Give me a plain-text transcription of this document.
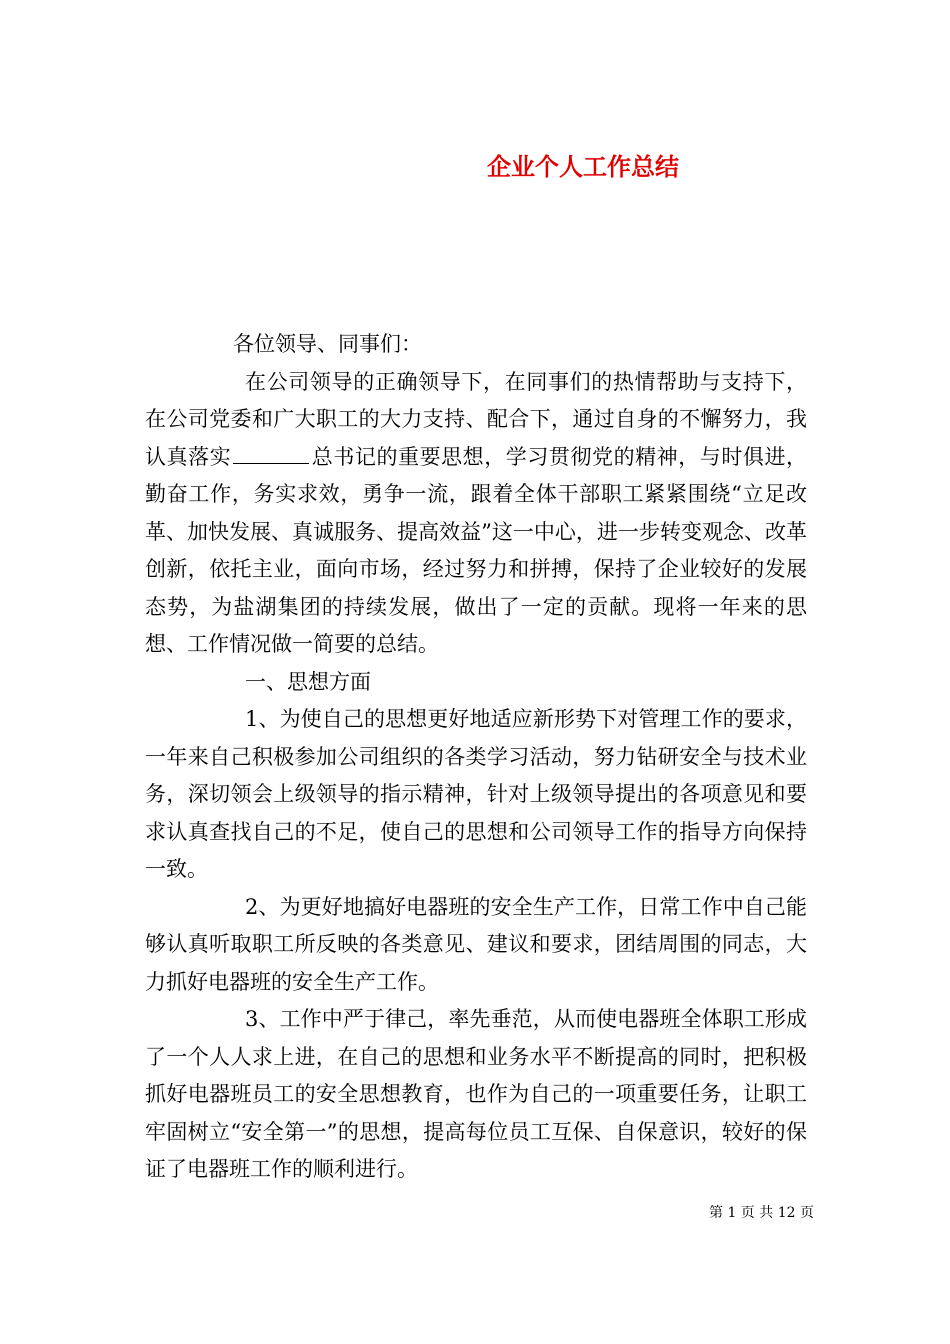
企业个人工作总结

各位领导、同事们：

在公司领导的正确领导下，在同事们的热情帮助与支持下，在公司党委和广大职工的大力支持、配合下，通过自身的不懈努力，我认真落实	总书记的重要思想，学习贯彻党的精神，与时俱进，勤奋工作，务实求效，勇争一流，跟着全体干部职工紧紧围绕“立足改革、加快发展、真诚服务、提高效益”这一中心，进一步转变观念、改革创新，依托主业，面向市场，经过努力和拼搏，保持了企业较好的发展态势，为盐湖集团的持续发展，做出了一定的贡献。现将一年来的思想、工作情况做一简要的总结。

一、思想方面

1、为使自己的思想更好地适应新形势下对管理工作的要求，一年来自己积极参加公司组织的各类学习活动，努力钻研安全与技术业务，深切领会上级领导的指示精神，针对上级领导提出的各项意见和要求认真查找自己的不足，使自己的思想和公司领导工作的指导方向保持一致。

2、为更好地搞好电器班的安全生产工作，日常工作中自己能够认真听取职工所反映的各类意见、建议和要求，团结周围的同志，大力抓好电器班的安全生产工作。

3、工作中严于律己，率先垂范，从而使电器班全体职工形成了一个人人求上进，在自己的思想和业务水平不断提高的同时，把积极抓好电器班员工的安全思想教育，也作为自己的一项重要任务，让职工牢固树立“安全第一”的思想，提高每位员工互保、自保意识，较好的保证了电器班工作的顺利进行。

第 1 页 共 12 页
